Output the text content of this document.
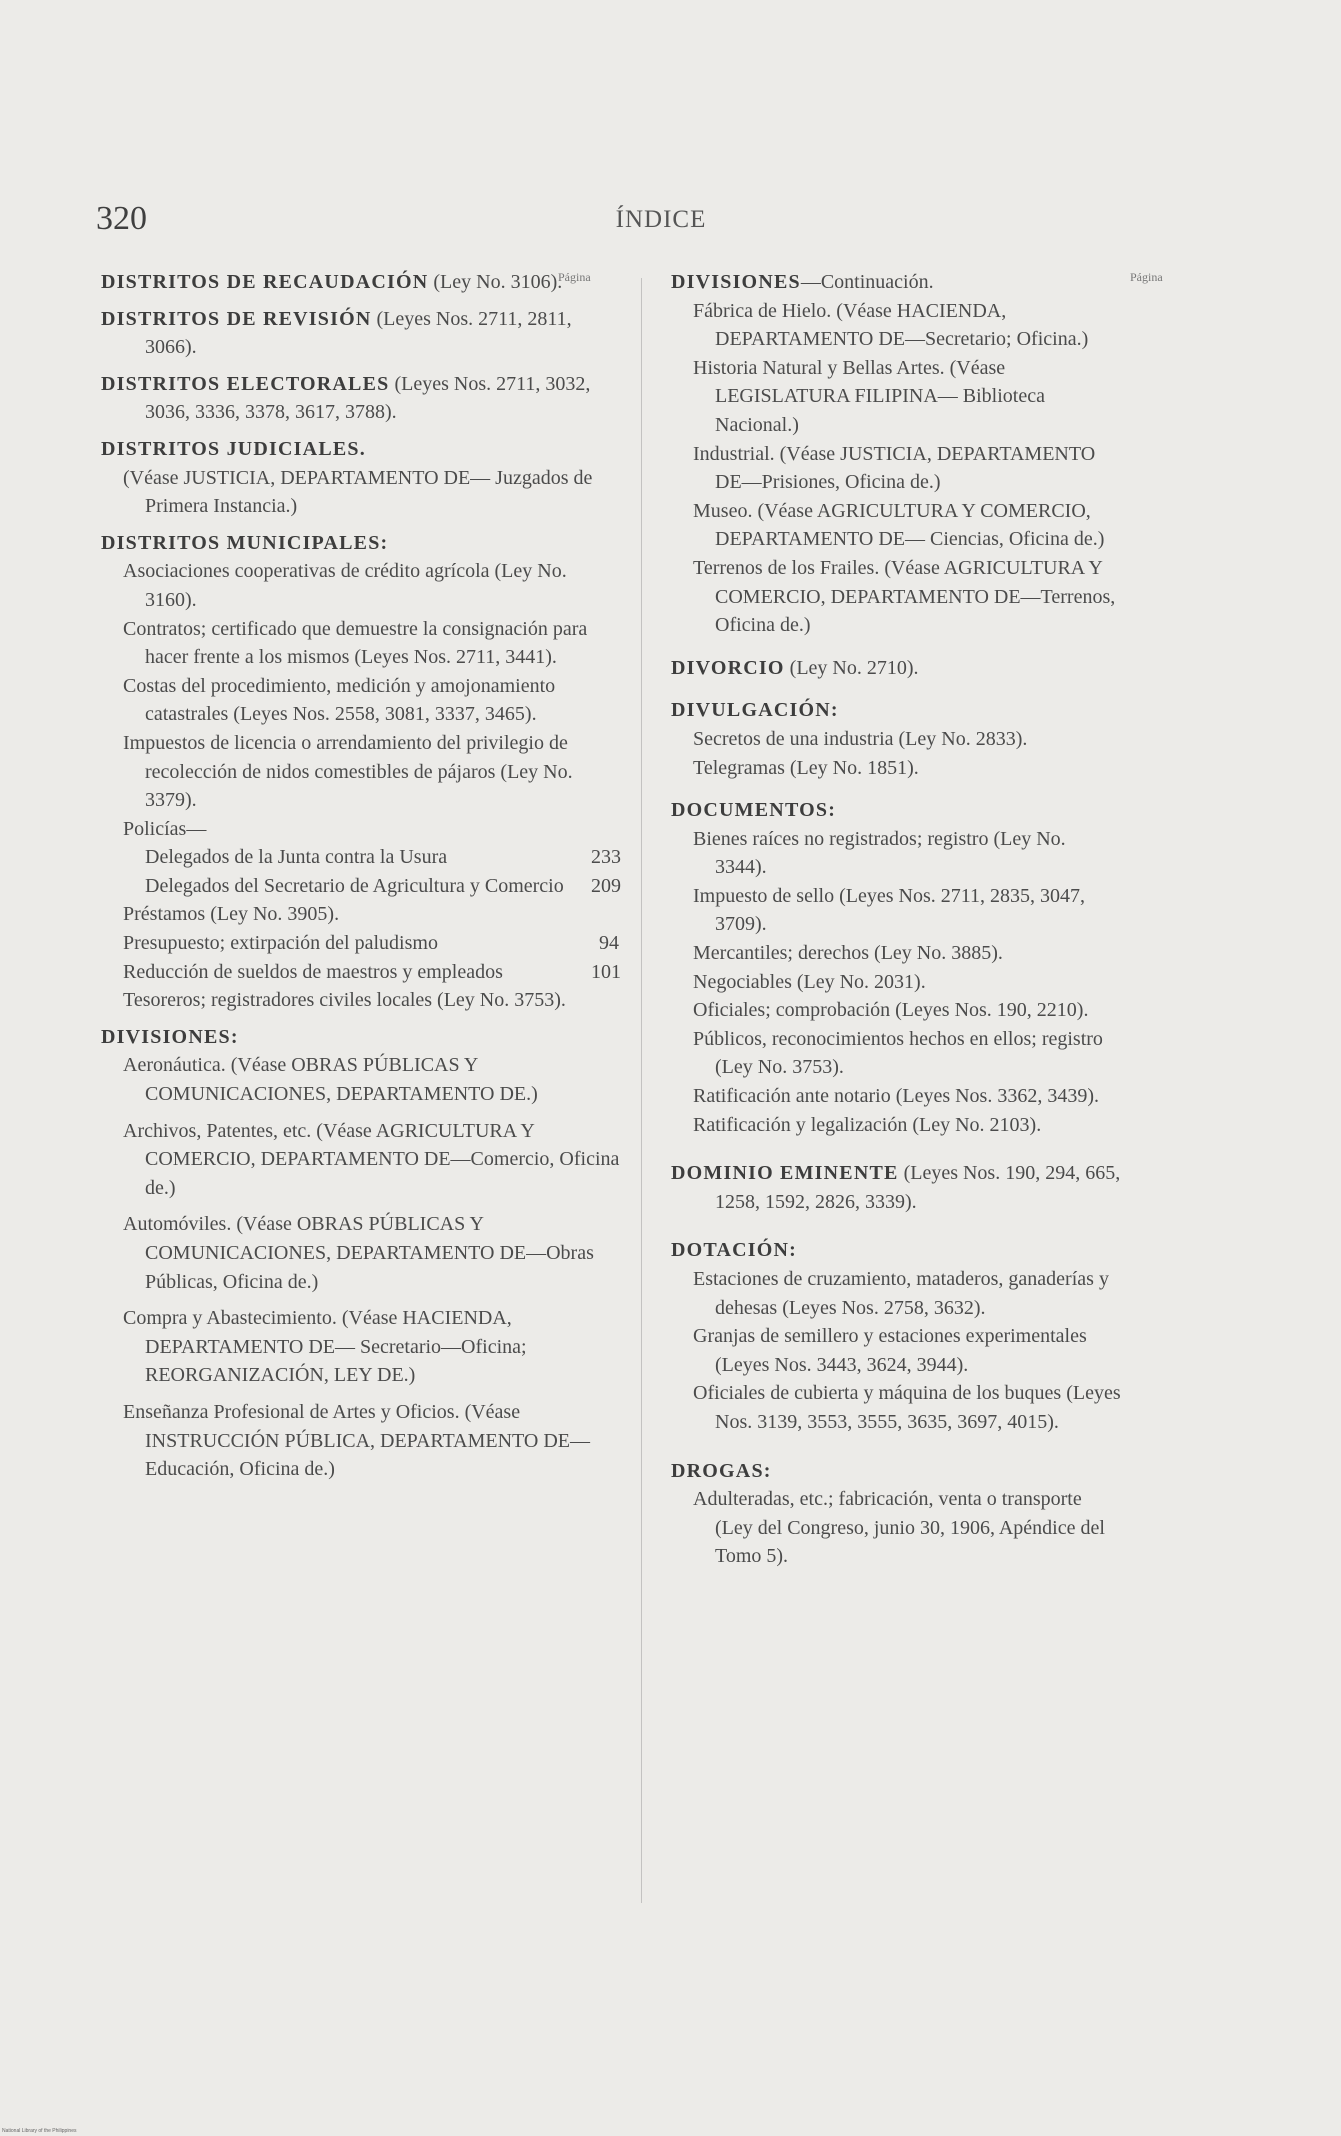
320	ÍNDICE
Página	Página

DISTRITOS DE RECAUDACIÓN (Ley No. 3106).

DISTRITOS DE REVISIÓN (Leyes Nos. 2711, 2811, 3066).

DISTRITOS ELECTORALES (Leyes Nos. 2711, 3032, 3036, 3336, 3378, 3617, 3788).

DISTRITOS JUDICIALES.

(Véase JUSTICIA, DEPARTAMENTO DE— Juzgados de Primera Instancia.)

DISTRITOS MUNICIPALES:

Asociaciones cooperativas de crédito agrícola (Ley No. 3160).

Contratos; certificado que demuestre la consignación para hacer frente a los mismos (Leyes Nos. 2711, 3441).

Costas del procedimiento, medición y amojonamiento catastrales (Leyes Nos. 2558, 3081, 3337, 3465).

Impuestos de licencia o arrendamiento del privilegio de recolección de nidos comestibles de pájaros (Ley No. 3379).

Policías—

Delegados de la Junta contra la Usura	233

Delegados del Secretario de Agricultura y Comercio 209

Préstamos (Ley No. 3905).

Presupuesto; extirpación del paludismo	94

Reducción de sueldos de maestros y empleados	101

Tesoreros; registradores civiles locales (Ley No. 3753).

DIVISIONES:

Aeronáutica. (Véase OBRAS PÚBLICAS Y COMUNICACIONES, DEPARTAMENTO DE.)

Archivos, Patentes, etc. (Véase AGRICULTURA Y COMERCIO, DEPARTAMENTO DE—Comercio, Oficina de.)

Automóviles. (Véase OBRAS PÚBLICAS Y COMUNICACIONES, DEPARTAMENTO DE—Obras Públicas, Oficina de.)

Compra y Abastecimiento. (Véase HACIENDA, DEPARTAMENTO DE— Secretario—Oficina; REORGANIZACIÓN, LEY DE.)

Enseñanza Profesional de Artes y Oficios. (Véase INSTRUCCIÓN PÚBLICA, DEPARTAMENTO DE—Educación, Oficina de.)

DIVISIONES—Continuación.

Fábrica de Hielo. (Véase HACIENDA, DEPARTAMENTO DE—Secretario; Oficina.)

Historia Natural y Bellas Artes. (Véase LEGISLATURA FILIPINA— Biblioteca Nacional.)

Industrial. (Véase JUSTICIA, DEPARTAMENTO DE—Prisiones, Oficina de.)

Museo. (Véase AGRICULTURA Y COMERCIO, DEPARTAMENTO DE— Ciencias, Oficina de.)

Terrenos de los Frailes. (Véase AGRICULTURA Y COMERCIO, DEPARTAMENTO DE—Terrenos, Oficina de.)

DIVORCIO (Ley No. 2710).

DIVULGACIÓN:

Secretos de una industria (Ley No. 2833).

Telegramas (Ley No. 1851).

DOCUMENTOS:

Bienes raíces no registrados; registro (Ley No. 3344).

Impuesto de sello (Leyes Nos. 2711, 2835, 3047, 3709).

Mercantiles; derechos (Ley No. 3885).

Negociables (Ley No. 2031).

Oficiales; comprobación (Leyes Nos. 190, 2210).

Públicos, reconocimientos hechos en ellos; registro (Ley No. 3753).

Ratificación ante notario (Leyes Nos. 3362, 3439).

Ratificación y legalización (Ley No. 2103).

DOMINIO EMINENTE (Leyes Nos. 190, 294, 665, 1258, 1592, 2826, 3339).

DOTACIÓN:

Estaciones de cruzamiento, mataderos, ganaderías y dehesas (Leyes Nos. 2758, 3632).

Granjas de semillero y estaciones experimentales (Leyes Nos. 3443, 3624, 3944).

Oficiales de cubierta y máquina de los buques (Leyes Nos. 3139, 3553, 3555, 3635, 3697, 4015).

DROGAS:

Adulteradas, etc.; fabricación, venta o transporte (Ley del Congreso, junio 30, 1906, Apéndice del Tomo 5).

National Library of the Philippines
